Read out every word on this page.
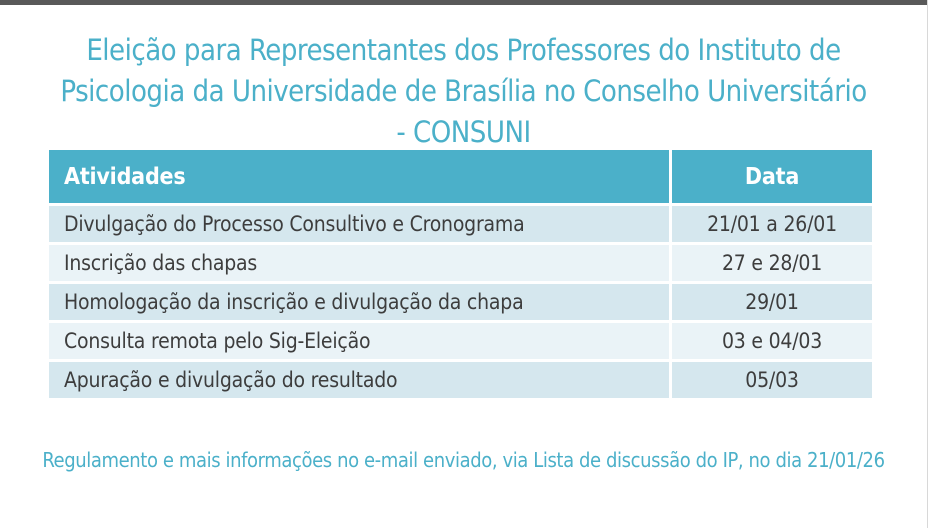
Eleição para Representantes dos Professores do Instituto de
Psicologia da Universidade de Brasília no Conselho Universitário
- CONSUNI
Atividades	Data
Divulgação do Processo Consultivo e Cronograma	21/01 a 26/01
Inscrição das chapas	27 e 28/01
Homologação da inscrição e divulgação da chapa	29/01
Consulta remota pelo Sig-Eleição	03 e 04/03
Apuração e divulgação do resultado	05/03
Regulamento e mais informações no e-mail enviado, via Lista de discussão do IP, no dia 21/01/26
